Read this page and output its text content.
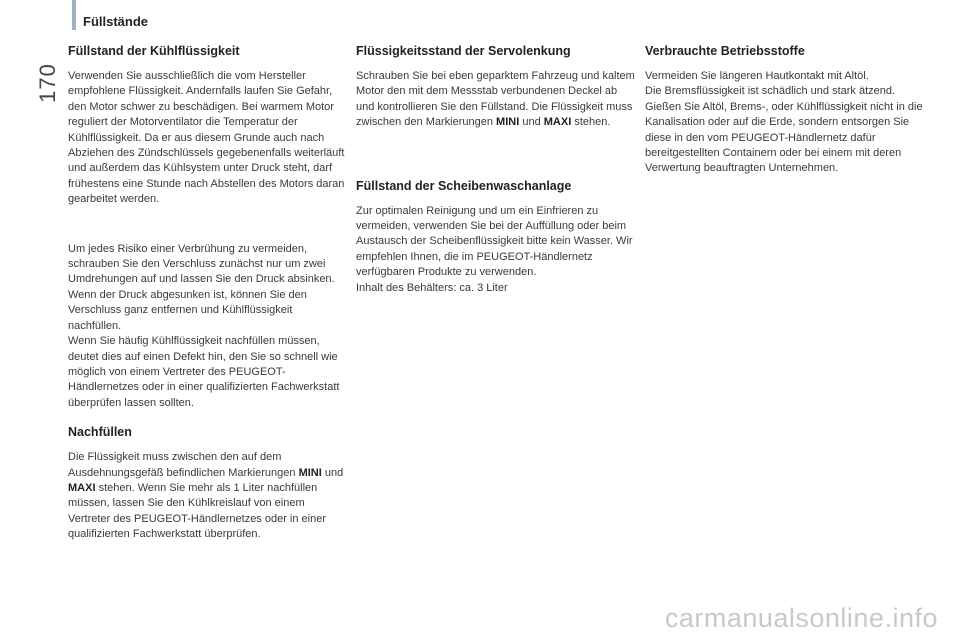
170
Füllstände
Füllstand der Kühlflüssigkeit

Verwenden Sie ausschließlich die vom Hersteller empfohlene Flüssigkeit. Andernfalls laufen Sie Gefahr, den Motor schwer zu beschädigen. Bei warmem Motor reguliert der Motorventilator die Temperatur der Kühlflüssigkeit. Da er aus diesem Grunde auch nach Abziehen des Zündschlüssels gegebenenfalls weiterläuft und außerdem das Kühlsystem unter Druck steht, darf frühestens eine Stunde nach Abstellen des Motors daran gearbeitet werden.

Um jedes Risiko einer Verbrühung zu vermeiden, schrauben Sie den Verschluss zunächst nur um zwei Umdrehungen auf und lassen Sie den Druck absinken. Wenn der Druck abgesunken ist, können Sie den Verschluss ganz entfernen und Kühlflüssigkeit nachfüllen.

Wenn Sie häufig Kühlflüssigkeit nachfüllen müssen, deutet dies auf einen Defekt hin, den Sie so schnell wie möglich von einem Vertreter des PEUGEOT-Händlernetzes oder in einer qualifizierten Fachwerkstatt überprüfen lassen sollten.

Nachfüllen

Die Flüssigkeit muss zwischen den auf dem Ausdehnungsgefäß befindlichen Markierungen MINI und MAXI stehen. Wenn Sie mehr als 1 Liter nachfüllen müssen, lassen Sie den Kühlkreislauf von einem Vertreter des PEUGEOT-Händlernetzes oder in einer qualifizierten Fachwerkstatt überprüfen.

Flüssigkeitsstand der Servolenkung

Schrauben Sie bei eben geparktem Fahrzeug und kaltem Motor den mit dem Messstab verbundenen Deckel ab und kontrollieren Sie den Füllstand. Die Flüssigkeit muss zwischen den Markierungen MINI und MAXI stehen.

Füllstand der Scheibenwaschanlage

Zur optimalen Reinigung und um ein Einfrieren zu vermeiden, verwenden Sie bei der Auffüllung oder beim Austausch der Scheibenflüssigkeit bitte kein Wasser. Wir empfehlen Ihnen, die im PEUGEOT-Händlernetz verfügbaren Produkte zu verwenden.

Inhalt des Behälters: ca. 3 Liter

Verbrauchte Betriebsstoffe

Vermeiden Sie längeren Hautkontakt mit Altöl.

Die Bremsflüssigkeit ist schädlich und stark ätzend.

Gießen Sie Altöl, Brems-, oder Kühlflüssigkeit nicht in die Kanalisation oder auf die Erde, sondern entsorgen Sie diese in den vom PEUGEOT-Händlernetz dafür bereitgestellten Containern oder bei einem mit deren Verwertung beauftragten Unternehmen.

carmanualsonline.info
